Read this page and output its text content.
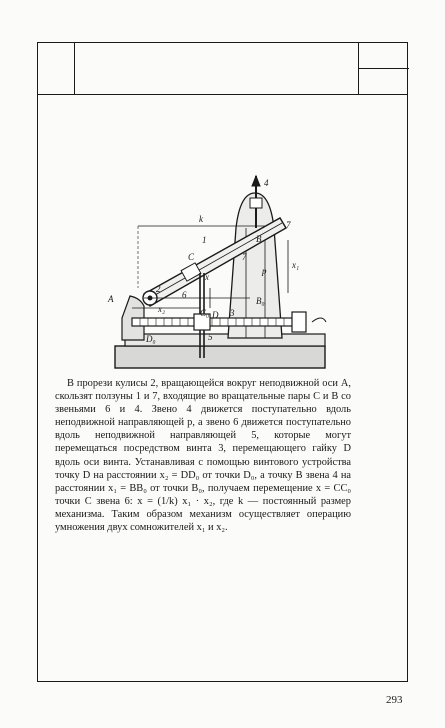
k
1
2
3
4
5
6
7
7
A
B
C
D
p
x₁
x₂
x
B₀
C₀
D₀

В прорези кулисы 2, вращающейся вокруг неподвижной оси A, скользят ползуны 1 и 7, входящие во вращательные пары C и B со звеньями 6 и 4. Звено 4 движется поступательно вдоль неподвижной направляющей p, а звено 6 движется поступательно вдоль неподвижной направляющей 5, которые могут перемещаться посредством винта 3, перемещающего гайку D вдоль оси винта. Устанавливая с помощью винтового устройства точку D на расстоянии x₂ = DD₀ от точки D₀, а точку B звена 4 на расстоянии x₁ = BB₀ от точки B₀, получаем перемещение x = CC₀ точки C звена 6: x = (1/k) x₁ · x₂, где k — постоянный размер механизма. Таким образом механизм осуществляет операцию умножения двух сомножителей x₁ и x₂.

293
